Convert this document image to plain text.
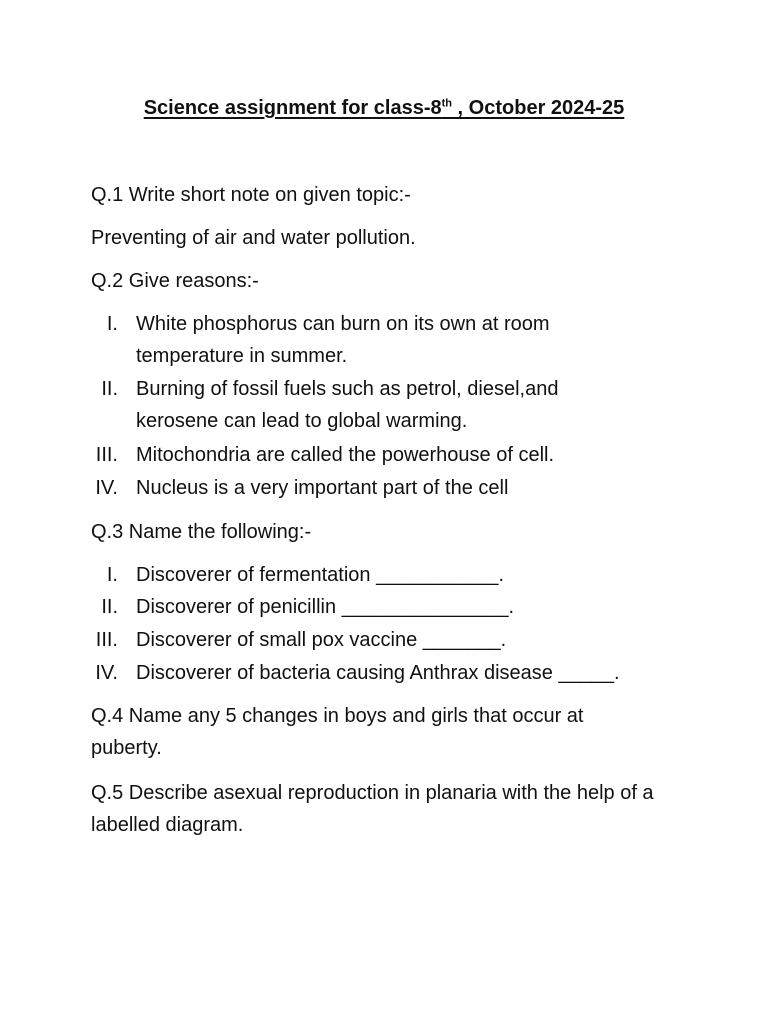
Science assignment for class-8th , October 2024-25
Q.1 Write short note on given topic:-
Preventing of air and water pollution.
Q.2 Give reasons:-
I. White phosphorus can burn on its own at room temperature in summer.
II. Burning of fossil fuels such as petrol, diesel,and kerosene can lead to global warming.
III. Mitochondria are called the powerhouse of cell.
IV. Nucleus is a very important part of the cell
Q.3 Name the following:-
I. Discoverer of fermentation ___________.
II. Discoverer of penicillin _______________.
III. Discoverer of small pox vaccine _______.
IV. Discoverer of bacteria causing Anthrax disease _____.
Q.4 Name any 5 changes in boys and girls that occur at puberty.
Q.5 Describe asexual reproduction in planaria with the help of a labelled diagram.
